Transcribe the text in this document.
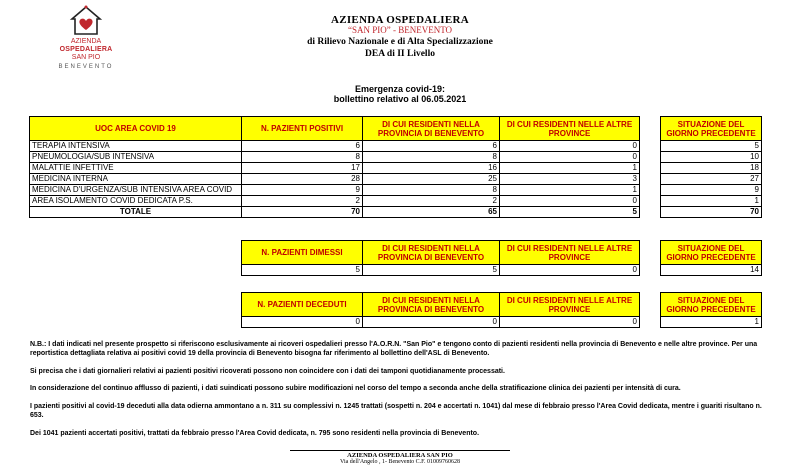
AZIENDA
OSPEDALIERA
SAN PIO
BENEVENTO
AZIENDA OSPEDALIERA
“SAN PIO” - BENEVENTO
di Rilievo Nazionale e di Alta Specializzazione
DEA di II Livello
Emergenza covid-19:
bollettino relativo al 06.05.2021
UOC AREA COVID 19	N. PAZIENTI POSITIVI	DI CUI RESIDENTI NELLA PROVINCIA DI BENEVENTO	DI CUI RESIDENTI NELLE ALTRE PROVINCE		SITUAZIONE DEL GIORNO PRECEDENTE
TERAPIA INTENSIVA	6	6	0		5
PNEUMOLOGIA/SUB INTENSIVA	8	8	0		10
MALATTIE INFETTIVE	17	16	1		18
MEDICINA INTERNA	28	25	3		27
MEDICINA D'URGENZA/SUB INTENSIVA AREA COVID	9	8	1		9
AREA ISOLAMENTO COVID DEDICATA P.S.	2	2	0		1
TOTALE	70	65	5		70
N. PAZIENTI DIMESSI	DI CUI RESIDENTI NELLA PROVINCIA DI BENEVENTO	DI CUI RESIDENTI NELLE ALTRE PROVINCE		SITUAZIONE DEL GIORNO PRECEDENTE
5	5	0		14
N. PAZIENTI DECEDUTI	DI CUI RESIDENTI NELLA PROVINCIA DI BENEVENTO	DI CUI RESIDENTI NELLE ALTRE PROVINCE		SITUAZIONE DEL GIORNO PRECEDENTE
0	0	0		1
N.B.: I dati indicati nel presente prospetto si riferiscono esclusivamente ai ricoveri ospedalieri presso l'A.O.R.N. "San Pio" e tengono conto di pazienti residenti nella provincia di Benevento e nelle altre province. Per una reportistica dettagliata relativa ai positivi covid 19 della provincia di Benevento bisogna far riferimento al bollettino dell'ASL di Benevento.
Si precisa che i dati giornalieri relativi ai pazienti positivi ricoverati possono non coincidere con i dati dei tamponi quotidianamente processati.
In considerazione del continuo afflusso di pazienti, i dati suindicati possono subire modificazioni nel corso del tempo a seconda anche della stratificazione clinica dei pazienti per intensità di cura.
I pazienti positivi al covid-19 deceduti alla data odierna ammontano a n. 311 su complessivi n. 1245 trattati (sospetti n. 204 e accertati n. 1041) dal mese di febbraio presso l'Area Covid dedicata, mentre i guariti risultano n. 653.
Dei 1041 pazienti accertati positivi, trattati da febbraio presso l'Area Covid dedicata, n. 795 sono residenti nella provincia di Benevento.
AZIENDA OSPEDALIERA SAN PIO
Via dell'Angelo , 1- Benevento C.F. 01009760628
